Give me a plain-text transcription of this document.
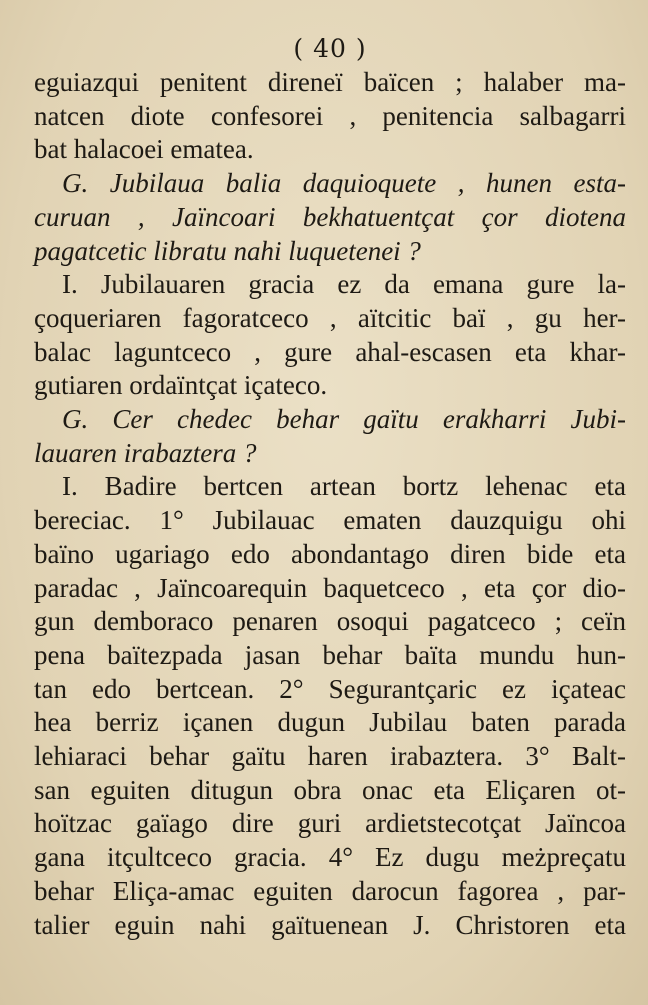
( 40 )
eguiazqui penitent direneï baïcen ; halaber ma-
natcen diote confesorei , penitencia salbagarri
bat halacoei ematea.
G. Jubilaua balia daquioquete , hunen esta-
curuan , Jaïncoari bekhatuentçat çor diotena
pagatcetic libratu nahi luquetenei ?
I. Jubilauaren gracia ez da emana gure la-
çoqueriaren fagoratceco , aïtcitic baï , gu her-
balac laguntceco , gure ahal-escasen eta khar-
gutiaren ordaïntçat içateco.
G. Cer chedec behar gaïtu erakharri Jubi-
lauaren irabaztera ?
I. Badire bertcen artean bortz lehenac eta
bereciac. 1° Jubilauac ematen dauzquigu ohi
baïno ugariago edo abondantago diren bide eta
paradac , Jaïncoarequin baquetceco , eta çor dio-
gun demboraco penaren osoqui pagatceco ; ceïn
pena baïtezpada jasan behar baïta mundu hun-
tan edo bertcean. 2° Segurantçaric ez içateac
hea berriz içanen dugun Jubilau baten parada
lehiaraci behar gaïtu haren irabaztera. 3° Balt-
san eguiten ditugun obra onac eta Eliçaren ot-
hoïtzac gaïago dire guri ardietstecotçat Jaïncoa
gana itçultceco gracia. 4° Ez dugu meżpreçatu
behar Eliça-amac eguiten darocun fagorea , par-
talier eguin nahi gaïtuenean J. Christoren eta
